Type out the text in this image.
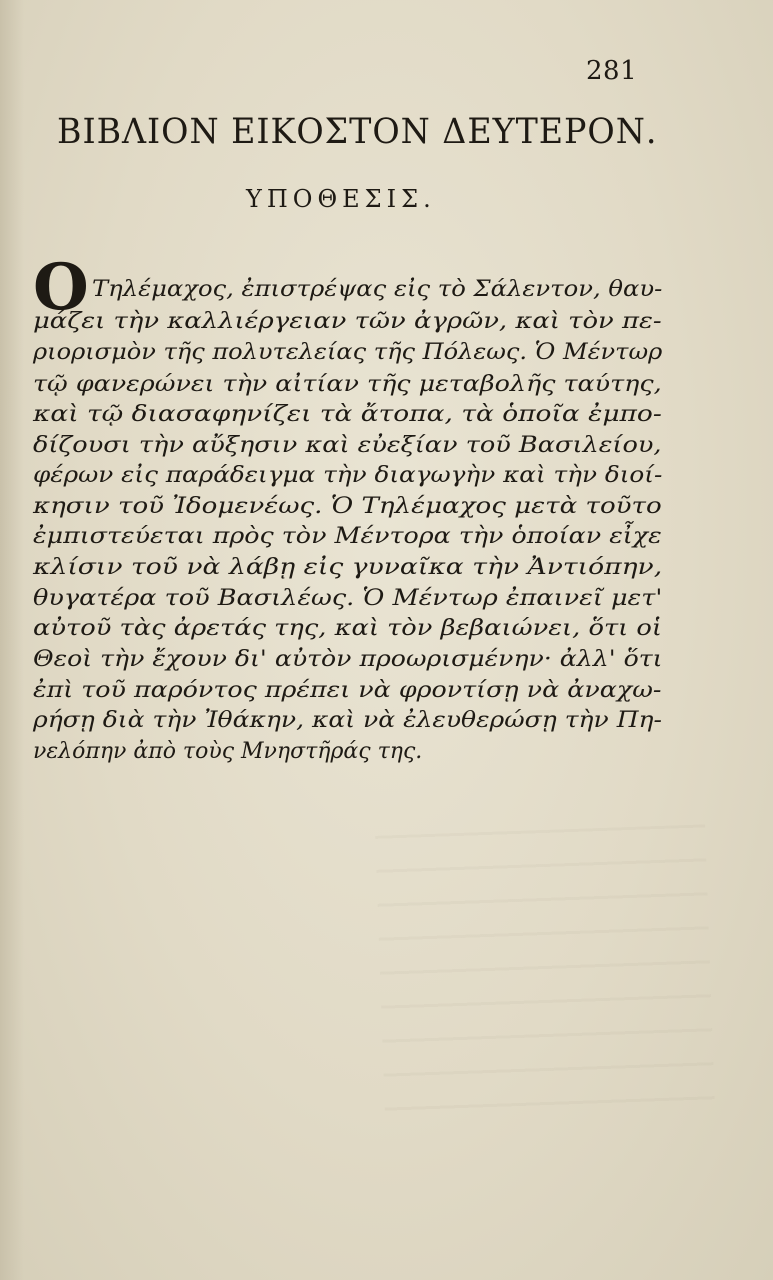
281
ΒΙΒΛΙΟΝ ΕΙΚΟΣΤΟΝ ΔΕΥΤΕΡΟΝ.
ΥΠΟΘΕΣΙΣ.
Ο Τηλέμαχος, ἐπιστρέψας εἰς τὸ Σάλεντον, θαυ-
μάζει τὴν καλλιέργειαν τῶν ἀγρῶν, καὶ τὸν πε-
ριορισμὸν τῆς πολυτελείας τῆς Πόλεως. Ὁ Μέντωρ
τῷ φανερώνει τὴν αἰτίαν τῆς μεταβολῆς ταύτης,
καὶ τῷ διασαφηνίζει τὰ ἄτοπα, τὰ ὁποῖα ἐμπο-
δίζουσι τὴν αὔξησιν καὶ εὐεξίαν τοῦ Βασιλείου,
φέρων εἰς παράδειγμα τὴν διαγωγὴν καὶ τὴν διοί-
κησιν τοῦ Ἰδομενέως. Ὁ Τηλέμαχος μετὰ τοῦτο
ἐμπιστεύεται πρὸς τὸν Μέντορα τὴν ὁποίαν εἶχε
κλίσιν τοῦ νὰ λάβῃ εἰς γυναῖκα τὴν Ἀντιόπην,
θυγατέρα τοῦ Βασιλέως. Ὁ Μέντωρ ἐπαινεῖ μετ'
αὐτοῦ τὰς ἀρετάς της, καὶ τὸν βεβαιώνει, ὅτι οἱ
Θεοὶ τὴν ἔχουν δι' αὐτὸν προωρισμένην· ἀλλ' ὅτι
ἐπὶ τοῦ παρόντος πρέπει νὰ φροντίσῃ νὰ ἀναχω-
ρήσῃ διὰ τὴν Ἰθάκην, καὶ νὰ ἐλευθερώσῃ τὴν Πη-
νελόπην ἀπὸ τοὺς Μνηστῆράς της.
